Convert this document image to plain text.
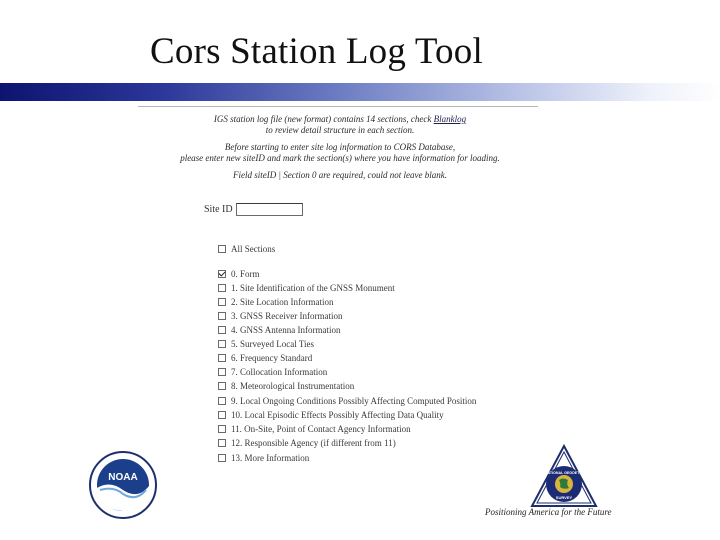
Cors Station Log Tool

IGS station log file (new format) contains 14 sections, check Blanklog
to review detail structure in each section.

Before starting to enter site log information to CORS Database,
please enter new siteID and mark the section(s) where you have information for loading.

Field siteID | Section 0 are required, could not leave blank.

Site ID
All Sections
0. Form
1. Site Identification of the GNSS Monument
2. Site Location Information
3. GNSS Receiver Information
4. GNSS Antenna Information
5. Surveyed Local Ties
6. Frequency Standard
7. Collocation Information
8. Meteorological Instrumentation
9. Local Ongoing Conditions Possibly Affecting Computed Position
10. Local Episodic Effects Possibly Affecting Data Quality
11. On-Site, Point of Contact Agency Information
12. Responsible Agency (if different from 11)
13. More Information
NOAA	NATIONAL GEODETIC
SURVEY
Positioning America for the Future
